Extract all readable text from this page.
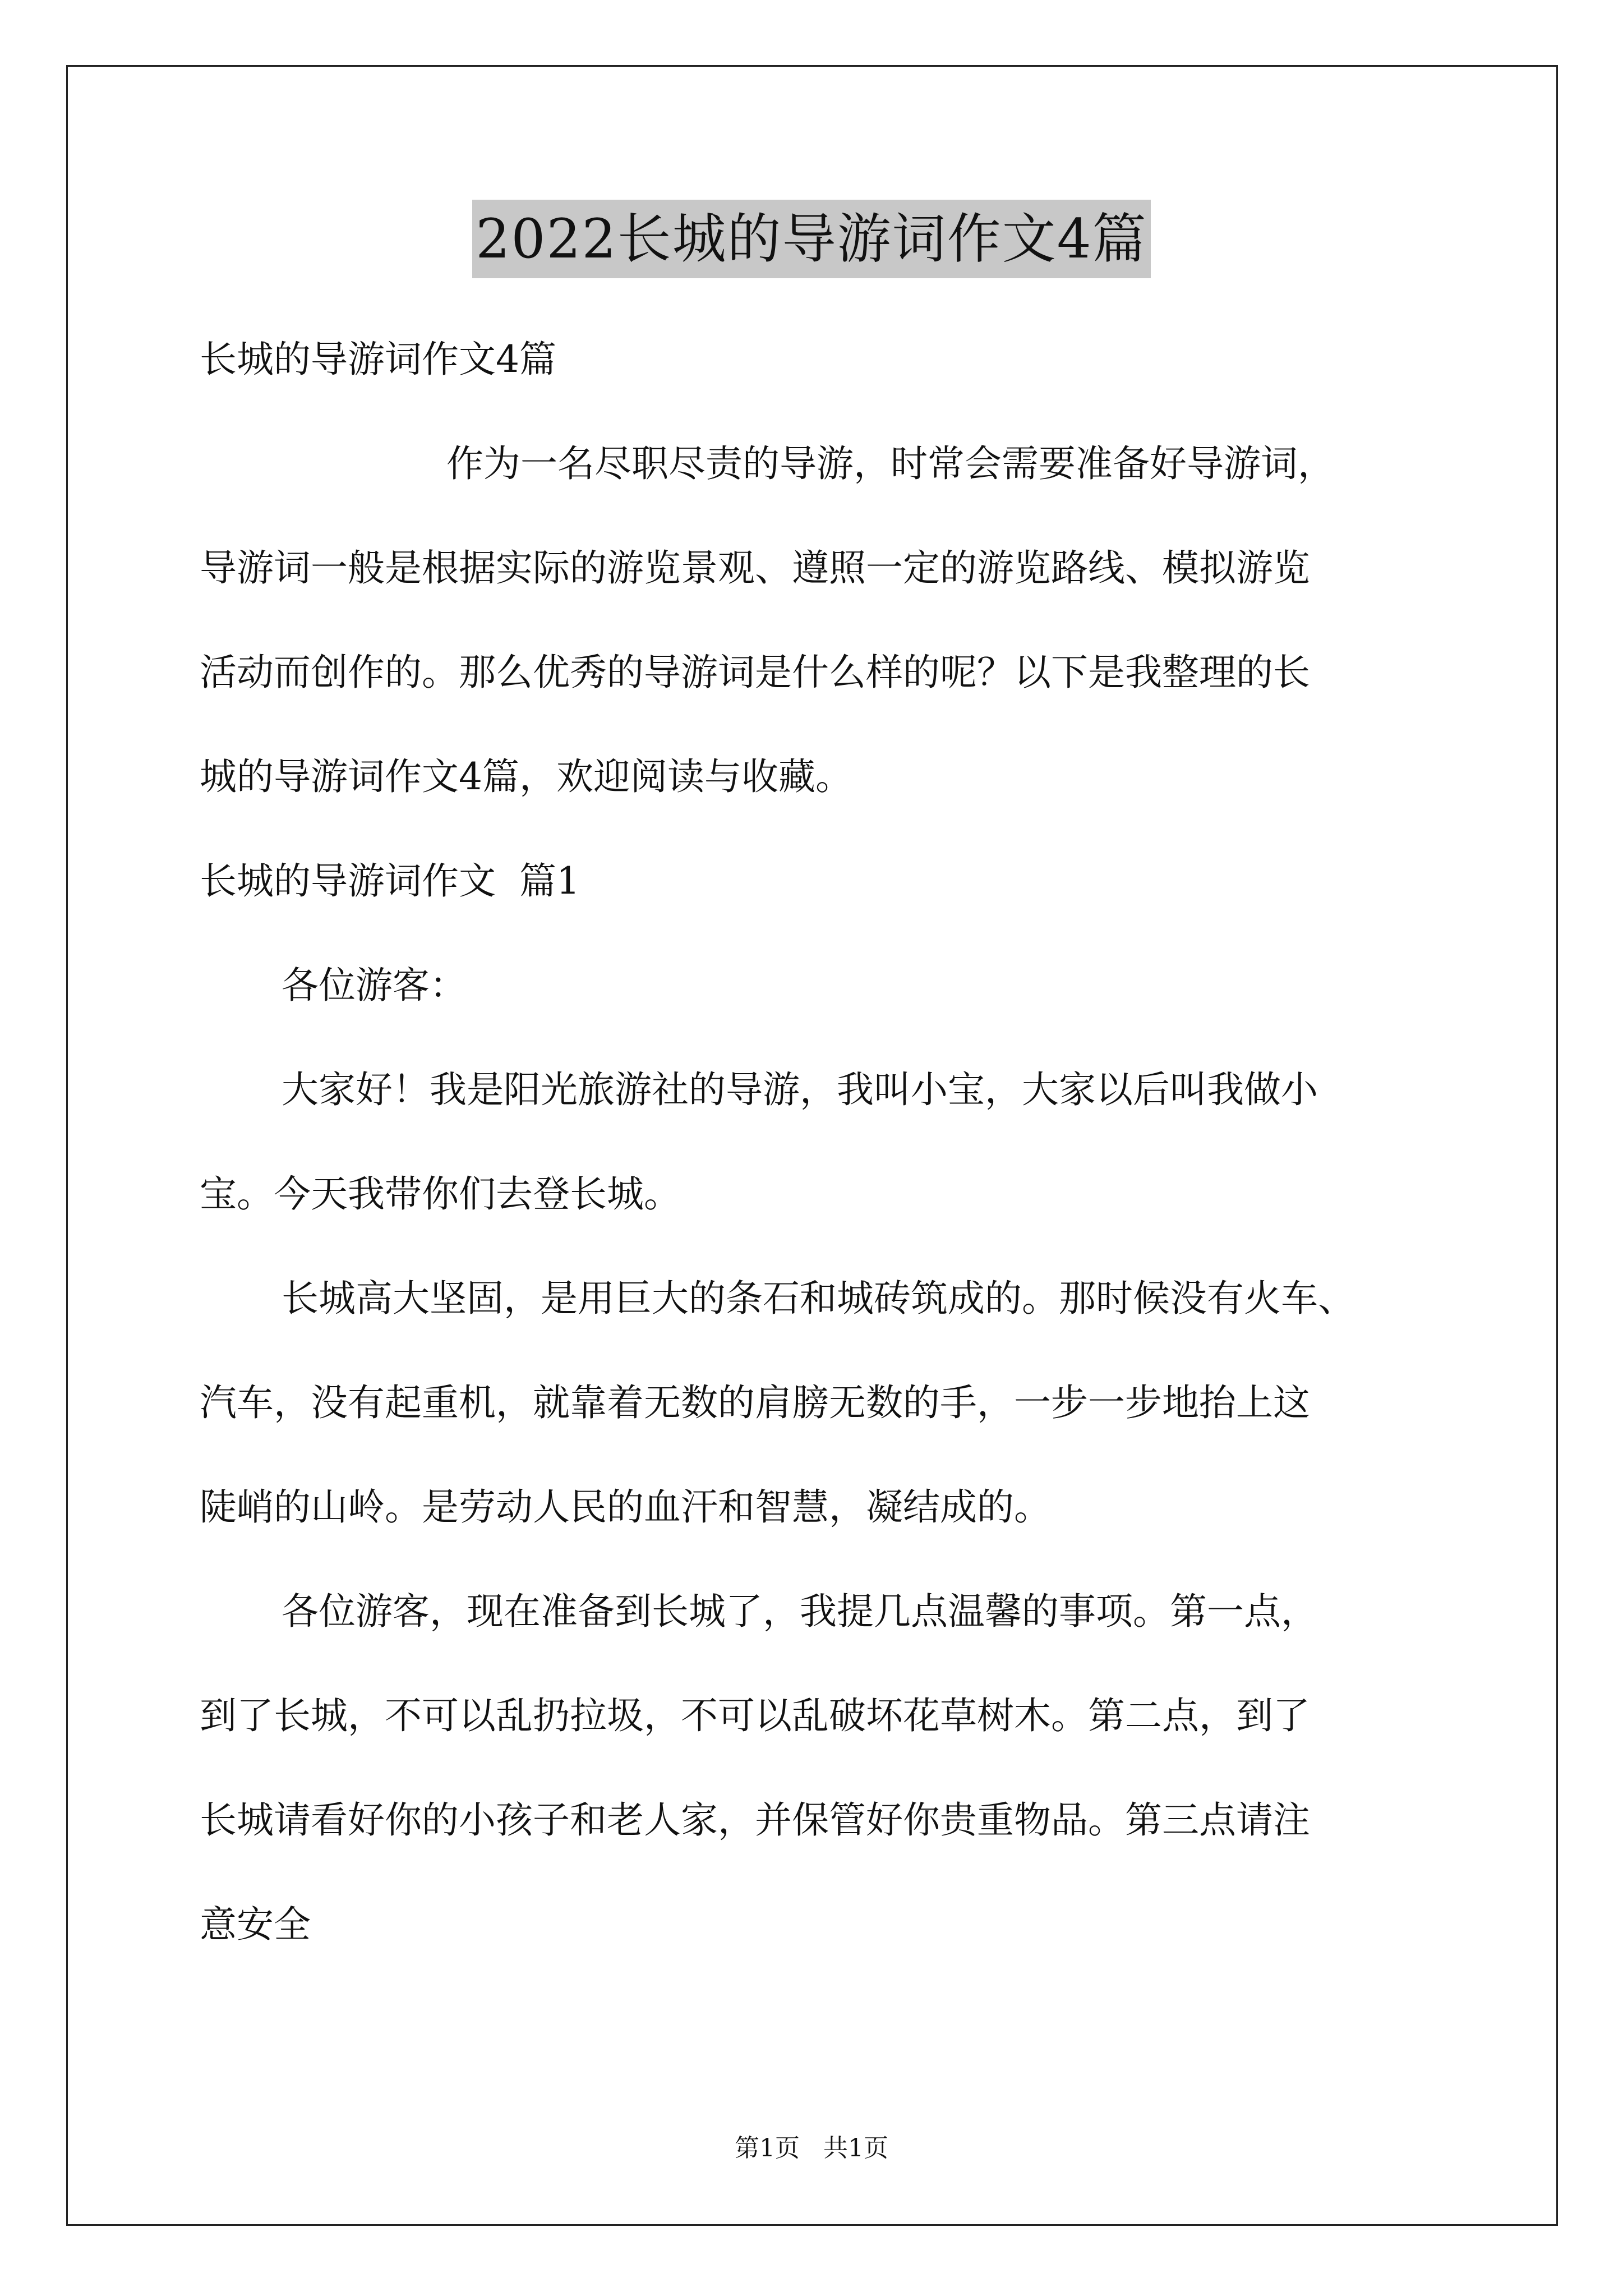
2022长城的导游词作文4篇
长城的导游词作文4篇
作为一名尽职尽责的导游，时常会需要准备好导游词，
导游词一般是根据实际的游览景观、遵照一定的游览路线、模拟游览
活动而创作的。那么优秀的导游词是什么样的呢？以下是我整理的长
城的导游词作文4篇，欢迎阅读与收藏。
长城的导游词作文  篇1
各位游客：
大家好！我是阳光旅游社的导游，我叫小宝，大家以后叫我做小
宝。今天我带你们去登长城。
长城高大坚固，是用巨大的条石和城砖筑成的。那时候没有火车、
汽车，没有起重机，就靠着无数的肩膀无数的手，一步一步地抬上这
陡峭的山岭。是劳动人民的血汗和智慧，凝结成的。
各位游客，现在准备到长城了，我提几点温馨的事项。第一点，
到了长城，不可以乱扔拉圾，不可以乱破坏花草树木。第二点，到了
长城请看好你的小孩子和老人家，并保管好你贵重物品。第三点请注
意安全
第1页   共1页
